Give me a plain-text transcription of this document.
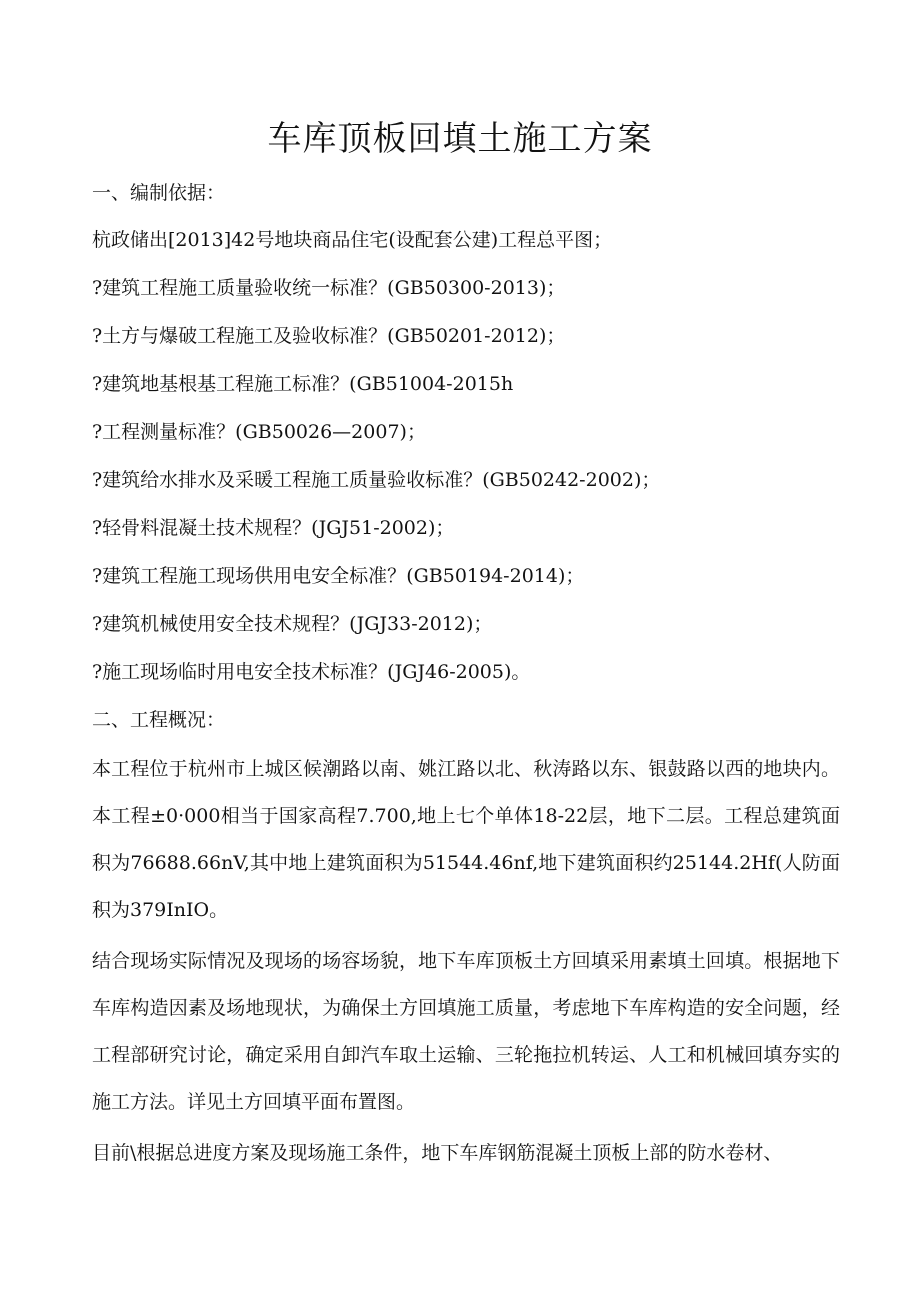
车库顶板回填土施工方案

一、编制依据：

杭政储出[2013]42号地块商品住宅(设配套公建)工程总平图；

?建筑工程施工质量验收统一标准？(GB50300-2013)；

?土方与爆破工程施工及验收标准？(GB50201-2012)；

?建筑地基根基工程施工标准？(GB51004-2015h

?工程测量标准？(GB50026—2007)；

?建筑给水排水及采暖工程施工质量验收标准？(GB50242-2002)；

?轻骨料混凝土技术规程？(JGJ51-2002)；

?建筑工程施工现场供用电安全标准？(GB50194-2014)；

?建筑机械使用安全技术规程？(JGJ33-2012)；

?施工现场临时用电安全技术标准？(JGJ46-2005)。

二、工程概况：

本工程位于杭州市上城区候潮路以南、姚江路以北、秋涛路以东、银鼓路以西的地块内。本工程±0·000相当于国家高程7.700,地上七个单体18-22层，地下二层。工程总建筑面积为76688.66nV,其中地上建筑面积为51544.46nf,地下建筑面积约25144.2Hf(人防面积为379InIO。

结合现场实际情况及现场的场容场貌，地下车库顶板土方回填采用素填土回填。根据地下车库构造因素及场地现状，为确保土方回填施工质量，考虑地下车库构造的安全问题，经工程部研究讨论，确定采用自卸汽车取土运输、三轮拖拉机转运、人工和机械回填夯实的施工方法。详见土方回填平面布置图。

目前\根据总进度方案及现场施工条件，地下车库钢筋混凝土顶板上部的防水卷材、
